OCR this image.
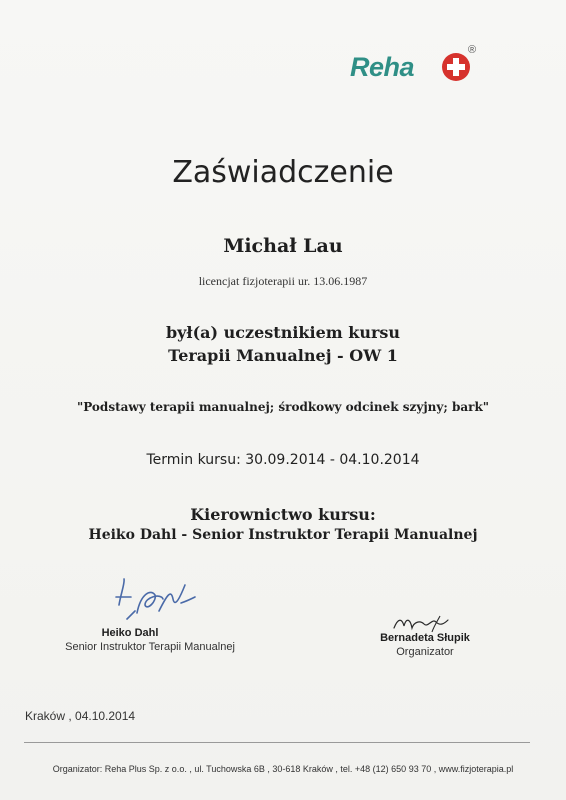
Reha
®
Zaświadczenie
Michał Lau
licencjat fizjoterapii ur. 13.06.1987
był(a) uczestnikiem kursu
Terapii Manualnej - OW 1
"Podstawy terapii manualnej; środkowy odcinek szyjny; bark"
Termin kursu: 30.09.2014 - 04.10.2014
Kierownictwo kursu:
Heiko Dahl - Senior Instruktor Terapii Manualnej
Heiko Dahl
Senior Instruktor Terapii Manualnej
Bernadeta Słupik
Organizator
Kraków , 04.10.2014
Organizator: Reha Plus Sp. z o.o. , ul. Tuchowska 6B , 30-618 Kraków , tel. +48 (12) 650 93 70 , www.fizjoterapia.pl
